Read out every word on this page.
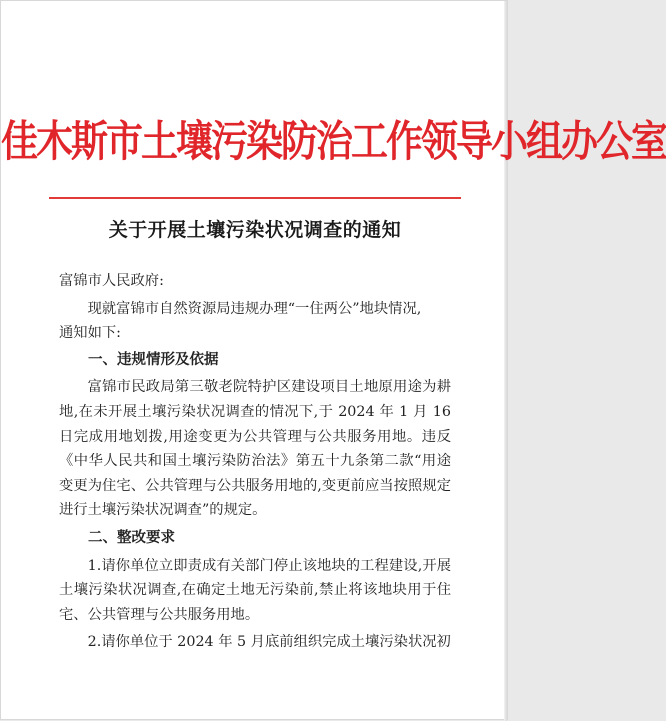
佳木斯市土壤污染防治工作领导小组办公室
关于开展土壤污染状况调查的通知

富锦市人民政府:

现就富锦市自然资源局违规办理“一住两公”地块情况,

通知如下:

一、违规情形及依据

富锦市民政局第三敬老院特护区建设项目土地原用途为耕地,在未开展土壤污染状况调查的情况下,于 2024 年 1 月 16 日完成用地划拨,用途变更为公共管理与公共服务用地。违反《中华人民共和国土壤污染防治法》第五十九条第二款“用途变更为住宅、公共管理与公共服务用地的,变更前应当按照规定进行土壤污染状况调查”的规定。

二、整改要求

1.请你单位立即责成有关部门停止该地块的工程建设,开展土壤污染状况调查,在确定土地无污染前,禁止将该地块用于住宅、公共管理与公共服务用地。

2.请你单位于 2024 年 5 月底前组织完成土壤污染状况初
